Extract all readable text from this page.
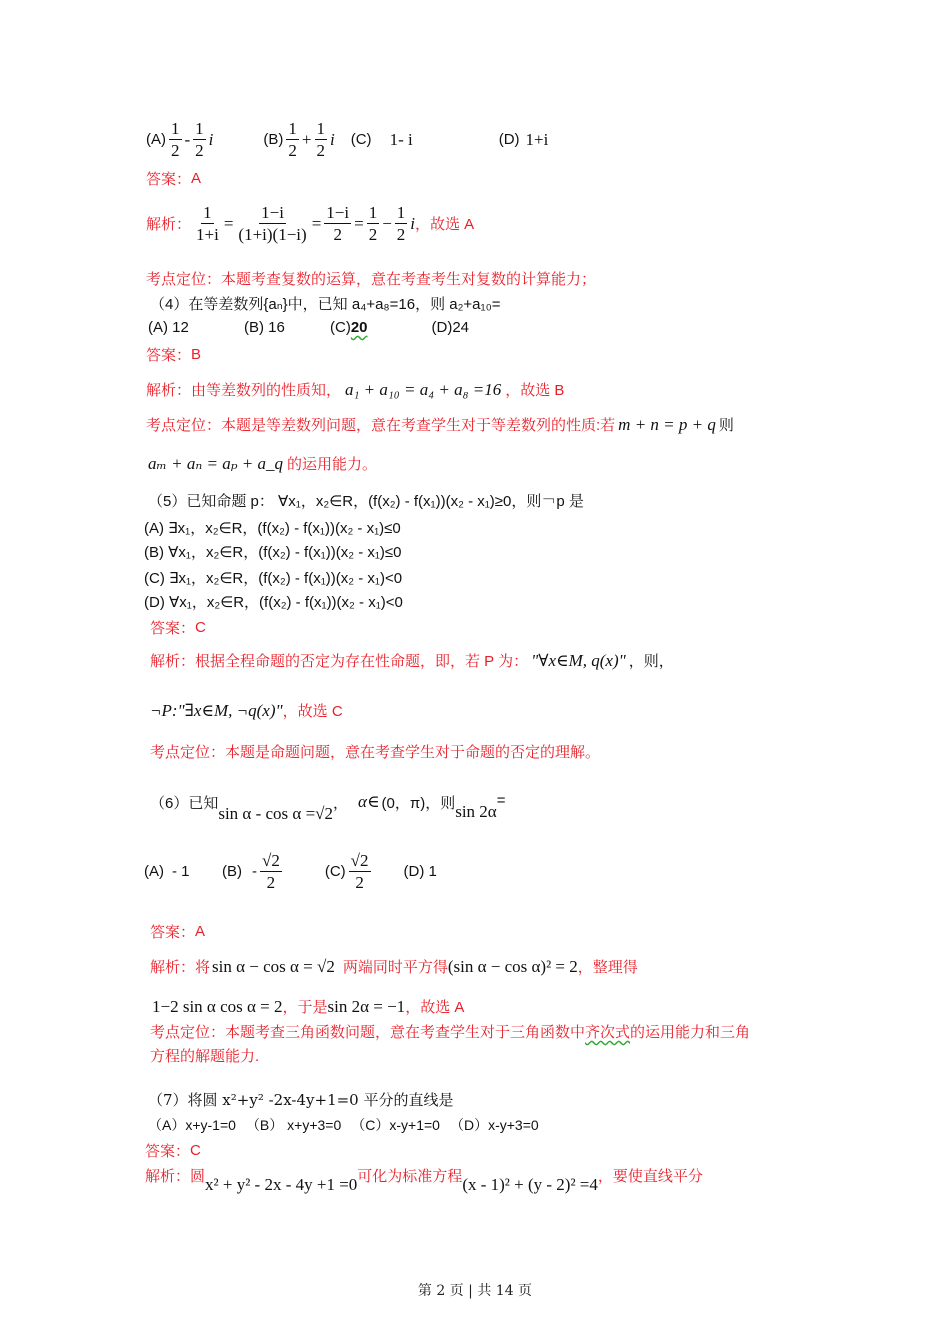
$(A) \frac{1}{2} - \frac{1}{2}$ i	$(B) \frac{1}{2} + \frac{1}{2}$ i (C) 1- i	(D) 1+i
答案： A
解析： $\frac{1}{1+i} = \frac{1-i}{(1+i)(1-i)} = \frac{1-i}{2} = \frac{1}{2} - \frac{1}{2}$ i ，故选 A
考点定位：本题考查复数的运算，意在考查考生对复数的计算能力；
（4）在等差数列{aₙ}中，已知 a₄+a₈=16，则 a₂+a₁₀=
(A) 12	(B) 16	(C) 20	(D)24
答案： B
解析：由等差数列的性质知， a₁ + a₁₀ = a₄ + a₈ =16 ，故选 B
考点定位：本题是等差数列问题，意在考查学生对于等差数列的性质:若 m + n = p + q 则
aₘ + aₙ = aₚ + a_q 的运用能力。
（5）已知命题 p： ∀x₁，x₂∈R，(f(x₂) - f(x₁))(x₂ - x₁)≥0，则￢p 是
(A) ∃x₁，x₂∈R，(f(x₂) - f(x₁))(x₂ - x₁)≤0
(B) ∀x₁，x₂∈R，(f(x₂) - f(x₁))(x₂ - x₁)≤0
(C) ∃x₁，x₂∈R，(f(x₂) - f(x₁))(x₂ - x₁)<0
(D) ∀x₁，x₂∈R，(f(x₂) - f(x₁))(x₂ - x₁)<0
答案： C
解析：根据全程命题的否定为存在性命题，即，若 P 为： "∀x∈M, q(x)" ，则，
¬P:"∃x∈M, ¬q(x)" ，故选 C
考点定位：本题是命题问题，意在考查学生对于命题的否定的理解。
（6）已知
sin α - cos α =√2
， α∈ (0，π)，则 sin 2α
=
(A) - 1	$(B) - \frac{√2}{2}$	$(C) \frac{√2}{2} (D)$ 1
答案： A
解析：将 sin α − cos α = √2 两端同时平方得 (sin α − cos α)² = 2 ，整理得
1−2 sin α cos α = 2 ，于是 sin 2α = −1 ，故选 A
考点定位：本题考查三角函数问题，意在考查学生对于三角函数中 齐次式 的运用能力和三角
方程的解题能力.
（7）将圆 x²+y² -2x-4y+1=0 平分的直线是
（A）x+y-1=0 （B） x+y+3=0 （C）x-y+1=0 （D）x-y+3=0
答案： C
解析：圆 x² + y² - 2x - 4y +1 =0 可化为标准方程 (x - 1)² + (y - 2)² =4 ，要使直线平分
第 2 页 | 共 14 页
